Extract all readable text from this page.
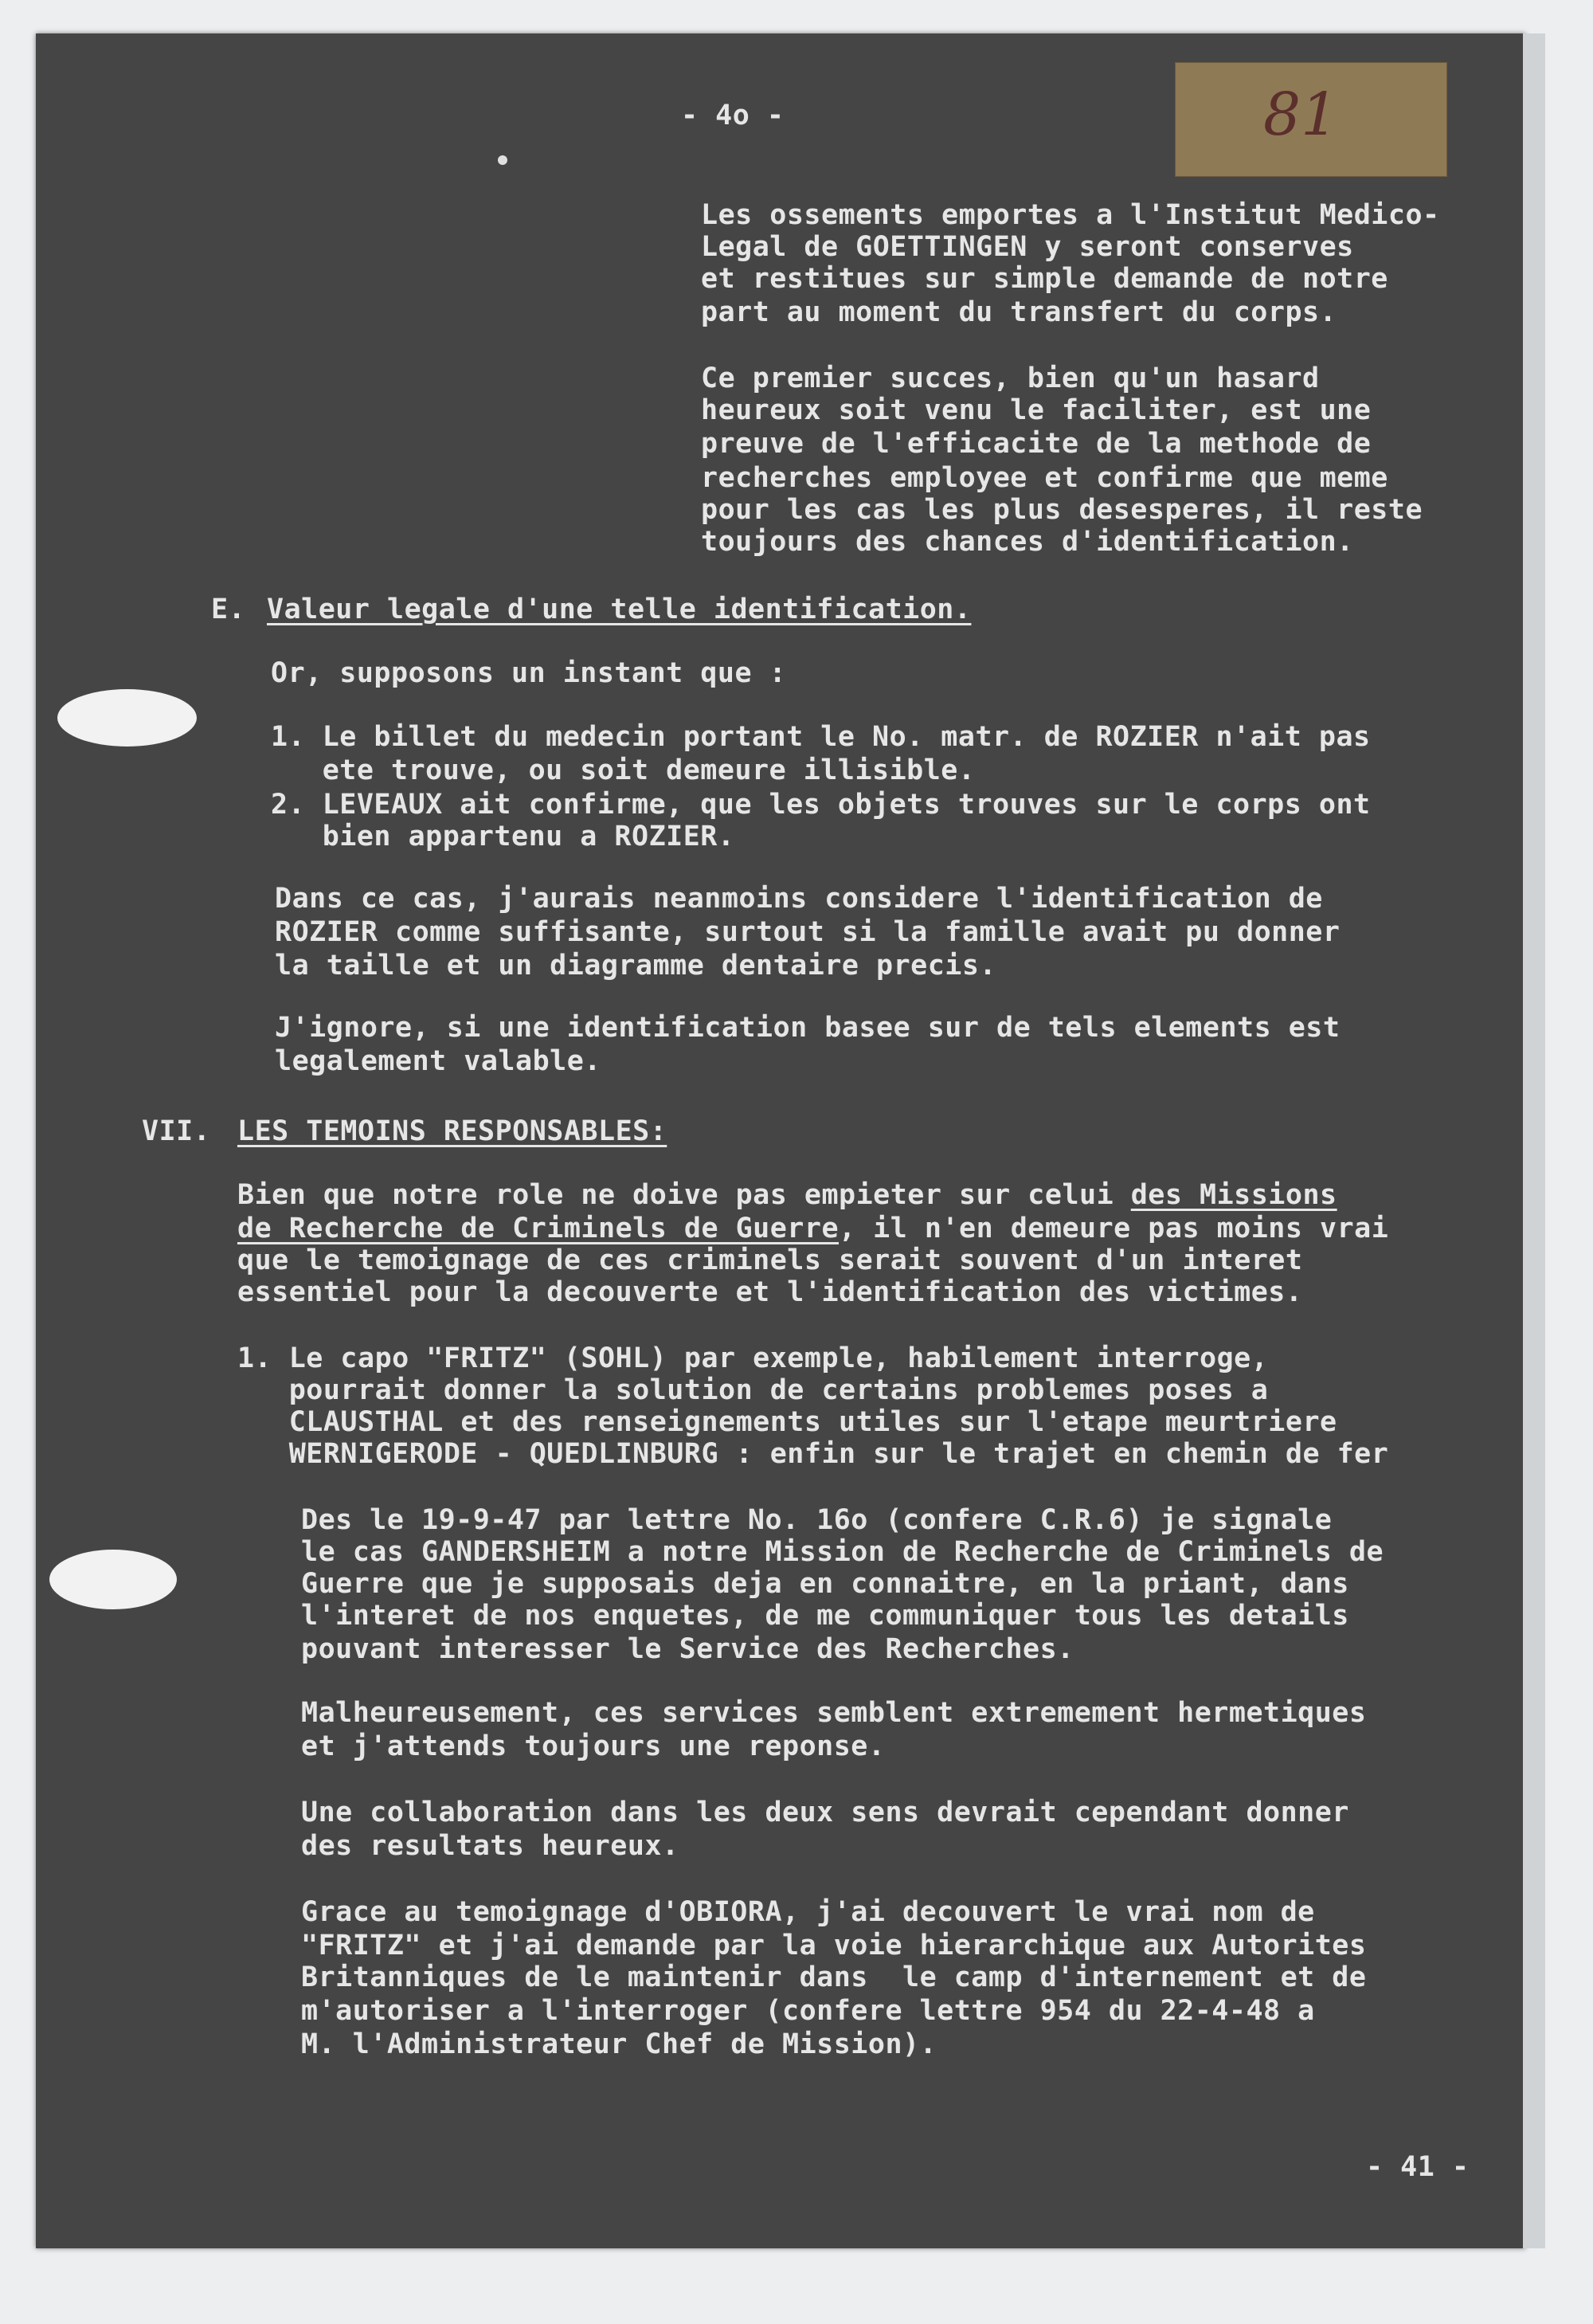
81
- 4o -
Les ossements emportes a l'Institut Medico-
Legal de GOETTINGEN y seront conserves
et restitues sur simple demande de notre
part au moment du transfert du corps.
Ce premier succes, bien qu'un hasard
heureux soit venu le faciliter, est une
preuve de l'efficacite de la methode de
recherches employee et confirme que meme
pour les cas les plus desesperes, il reste
toujours des chances d'identification.
E. Valeur legale d'une telle identification.
Or, supposons un instant que :
1. Le billet du medecin portant le No. matr. de ROZIER n'ait pas
ete trouve, ou soit demeure illisible.
2. LEVEAUX ait confirme, que les objets trouves sur le corps ont
bien appartenu a ROZIER.
Dans ce cas, j'aurais neanmoins considere l'identification de
ROZIER comme suffisante, surtout si la famille avait pu donner
la taille et un diagramme dentaire precis.
J'ignore, si une identification basee sur de tels elements est
legalement valable.
VII. LES TEMOINS RESPONSABLES:
Bien que notre role ne doive pas empieter sur celui des Missions
de Recherche de Criminels de Guerre, il n'en demeure pas moins vrai
que le temoignage de ces criminels serait souvent d'un interet
essentiel pour la decouverte et l'identification des victimes.
1. Le capo "FRITZ" (SOHL) par exemple, habilement interroge,
pourrait donner la solution de certains problemes poses a
CLAUSTHAL et des renseignements utiles sur l'etape meurtriere
WERNIGERODE - QUEDLINBURG : enfin sur le trajet en chemin de fer
Des le 19-9-47 par lettre No. 16o (confere C.R.6) je signale
le cas GANDERSHEIM a notre Mission de Recherche de Criminels de
Guerre que je supposais deja en connaitre, en la priant, dans
l'interet de nos enquetes, de me communiquer tous les details
pouvant interesser le Service des Recherches.
Malheureusement, ces services semblent extremement hermetiques
et j'attends toujours une reponse.
Une collaboration dans les deux sens devrait cependant donner
des resultats heureux.
Grace au temoignage d'OBIORA, j'ai decouvert le vrai nom de
"FRITZ" et j'ai demande par la voie hierarchique aux Autorites
Britanniques de le maintenir dans  le camp d'internement et de
m'autoriser a l'interroger (confere lettre 954 du 22-4-48 a
M. l'Administrateur Chef de Mission).
- 41 -
